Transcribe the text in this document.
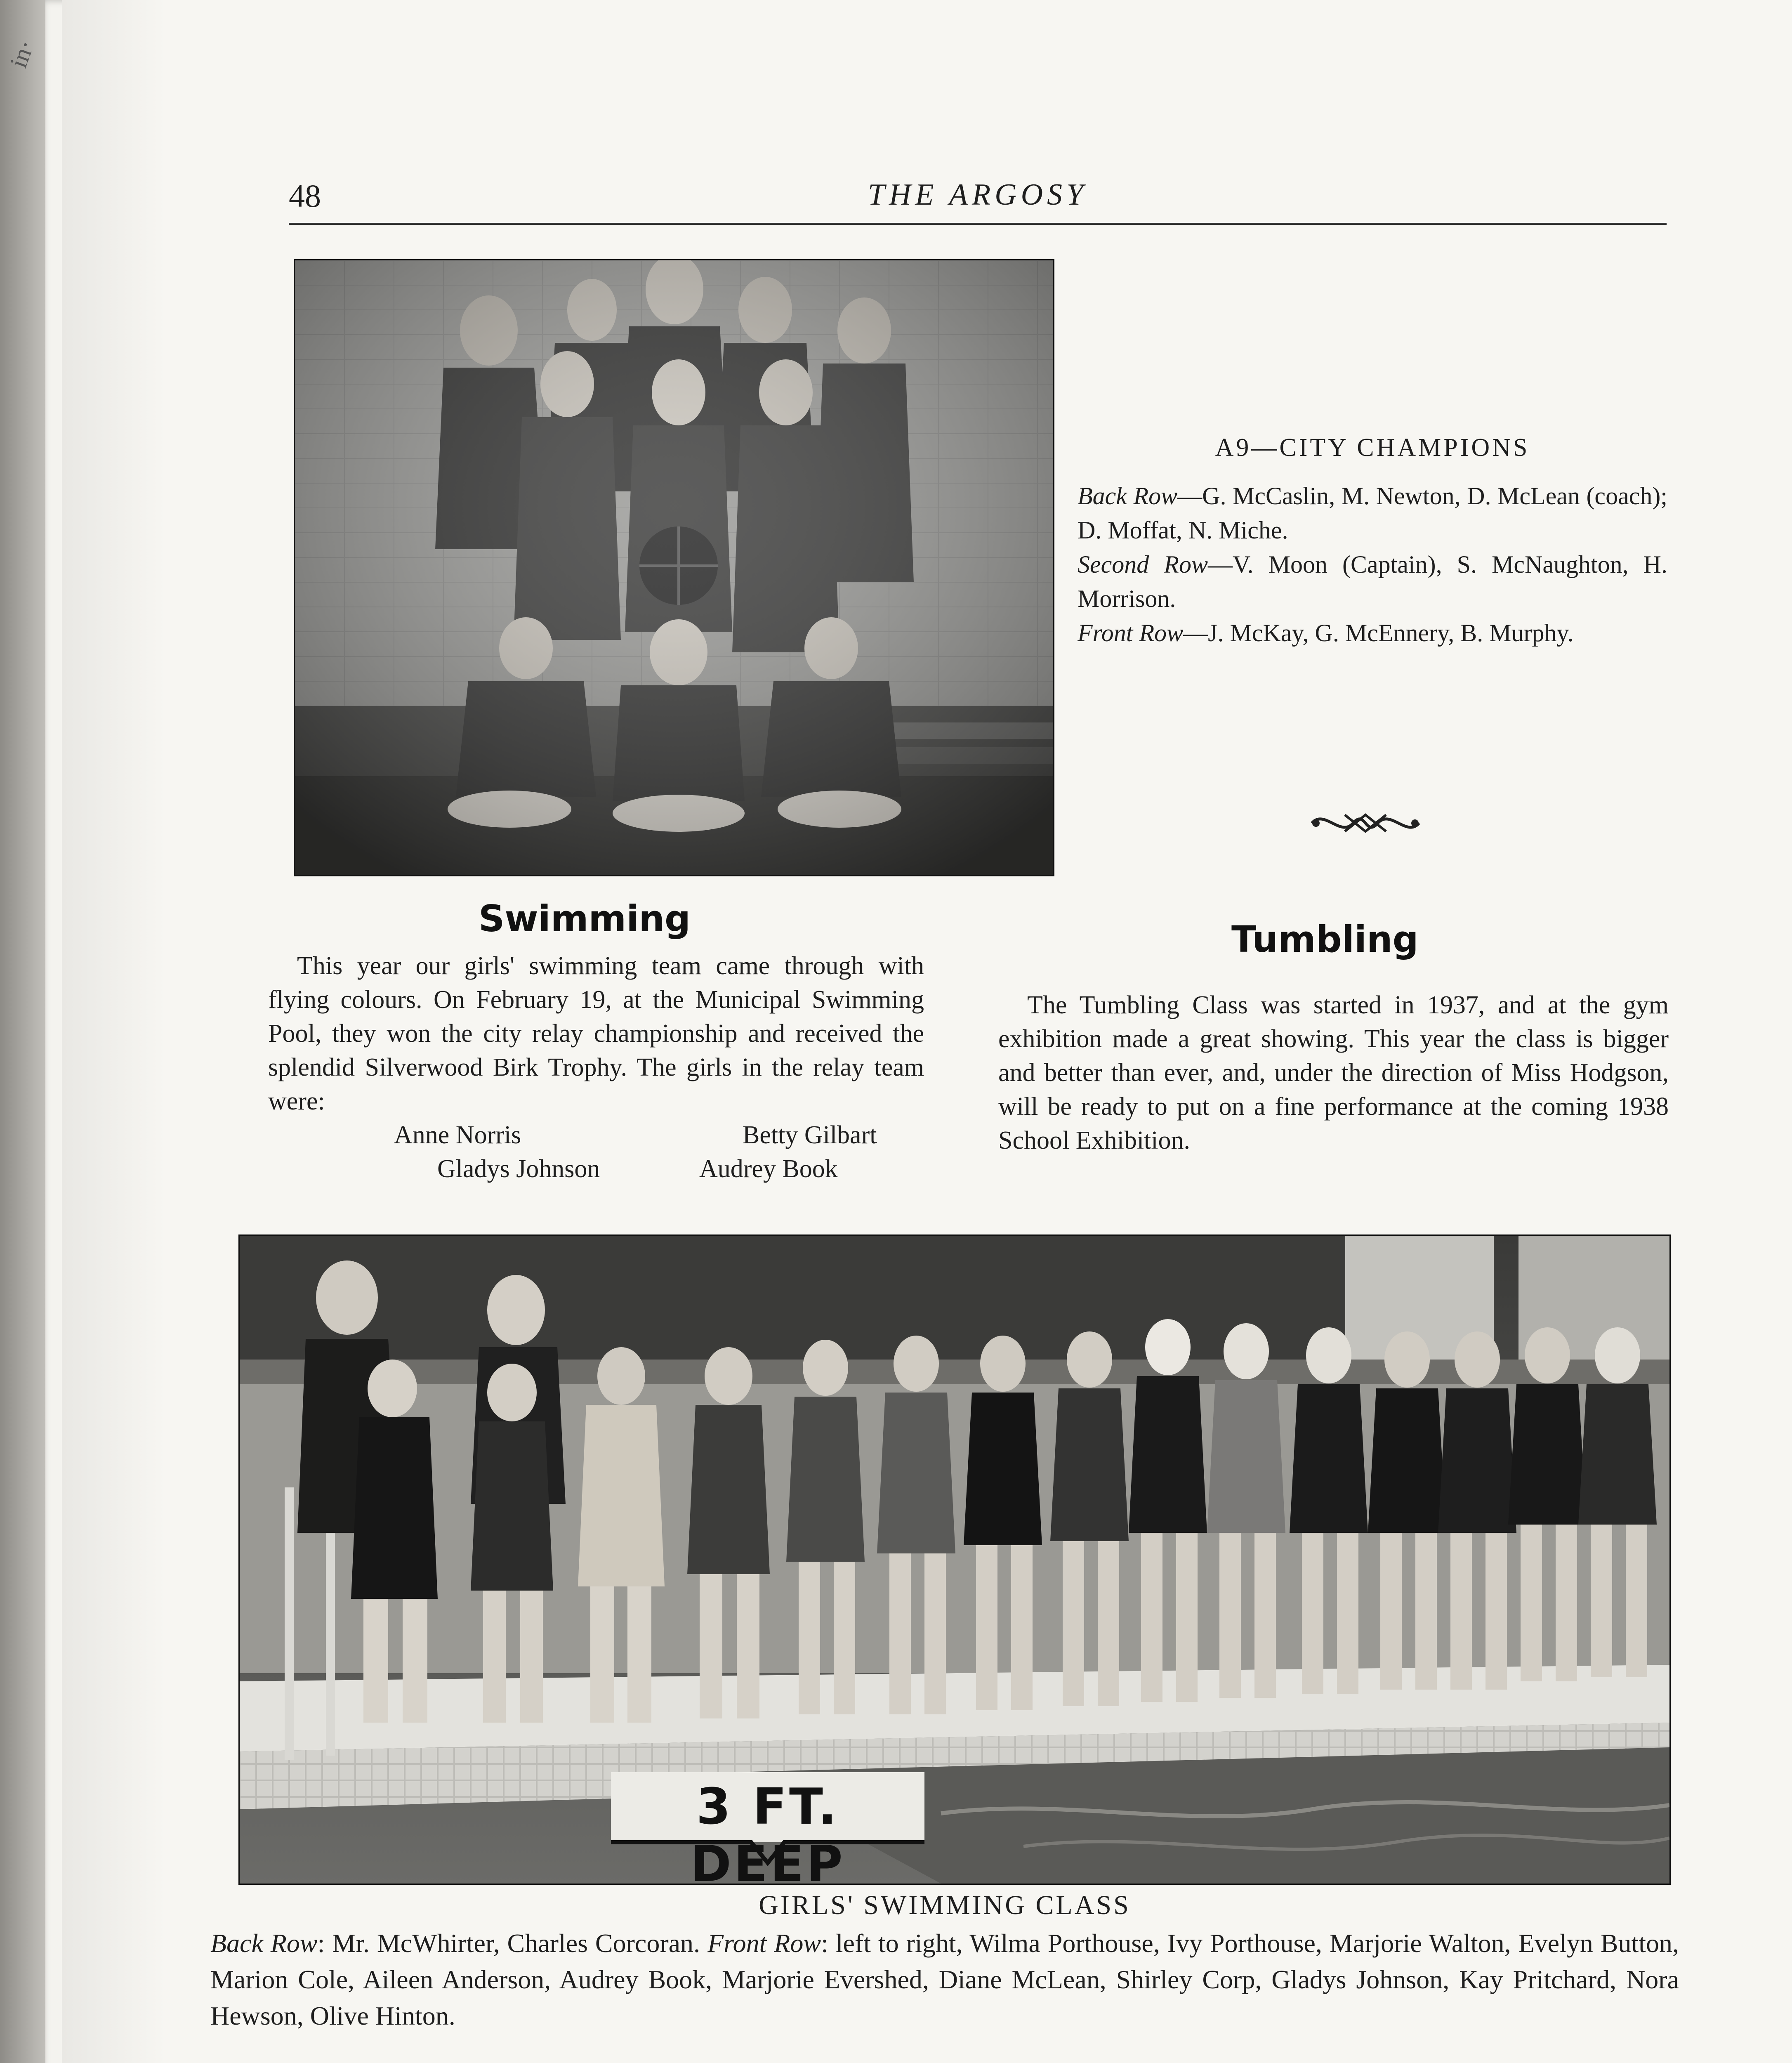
in·
48	THE ARGOSY
A9—CITY CHAMPIONS
Back Row—G. McCaslin, M. Newton, D. McLean (coach); D. Moffat, N. Miche.
Second Row—V. Moon (Captain), S. McNaughton, H. Morrison.
Front Row—J. McKay, G. McEnnery, B. Murphy.
Swimming
This year our girls' swimming team came through with flying colours. On February 19, at the Municipal Swimming Pool, they won the city relay championship and received the splendid Silverwood Birk Trophy. The girls in the relay team were:
Anne Norris	Betty Gilbart
Gladys Johnson	Audrey Book
Tumbling
The Tumbling Class was started in 1937, and at the gym exhibition made a great showing. This year the class is bigger and better than ever, and, under the direction of Miss Hodgson, will be ready to put on a fine performance at the coming 1938 School Exhibition.
3 FT. DEEP
GIRLS' SWIMMING CLASS
Back Row: Mr. McWhirter, Charles Corcoran. Front Row: left to right, Wilma Porthouse, Ivy Porthouse, Marjorie Walton, Evelyn Button, Marion Cole, Aileen Anderson, Audrey Book, Marjorie Evershed, Diane McLean, Shirley Corp, Gladys Johnson, Kay Pritchard, Nora Hewson, Olive Hinton.
